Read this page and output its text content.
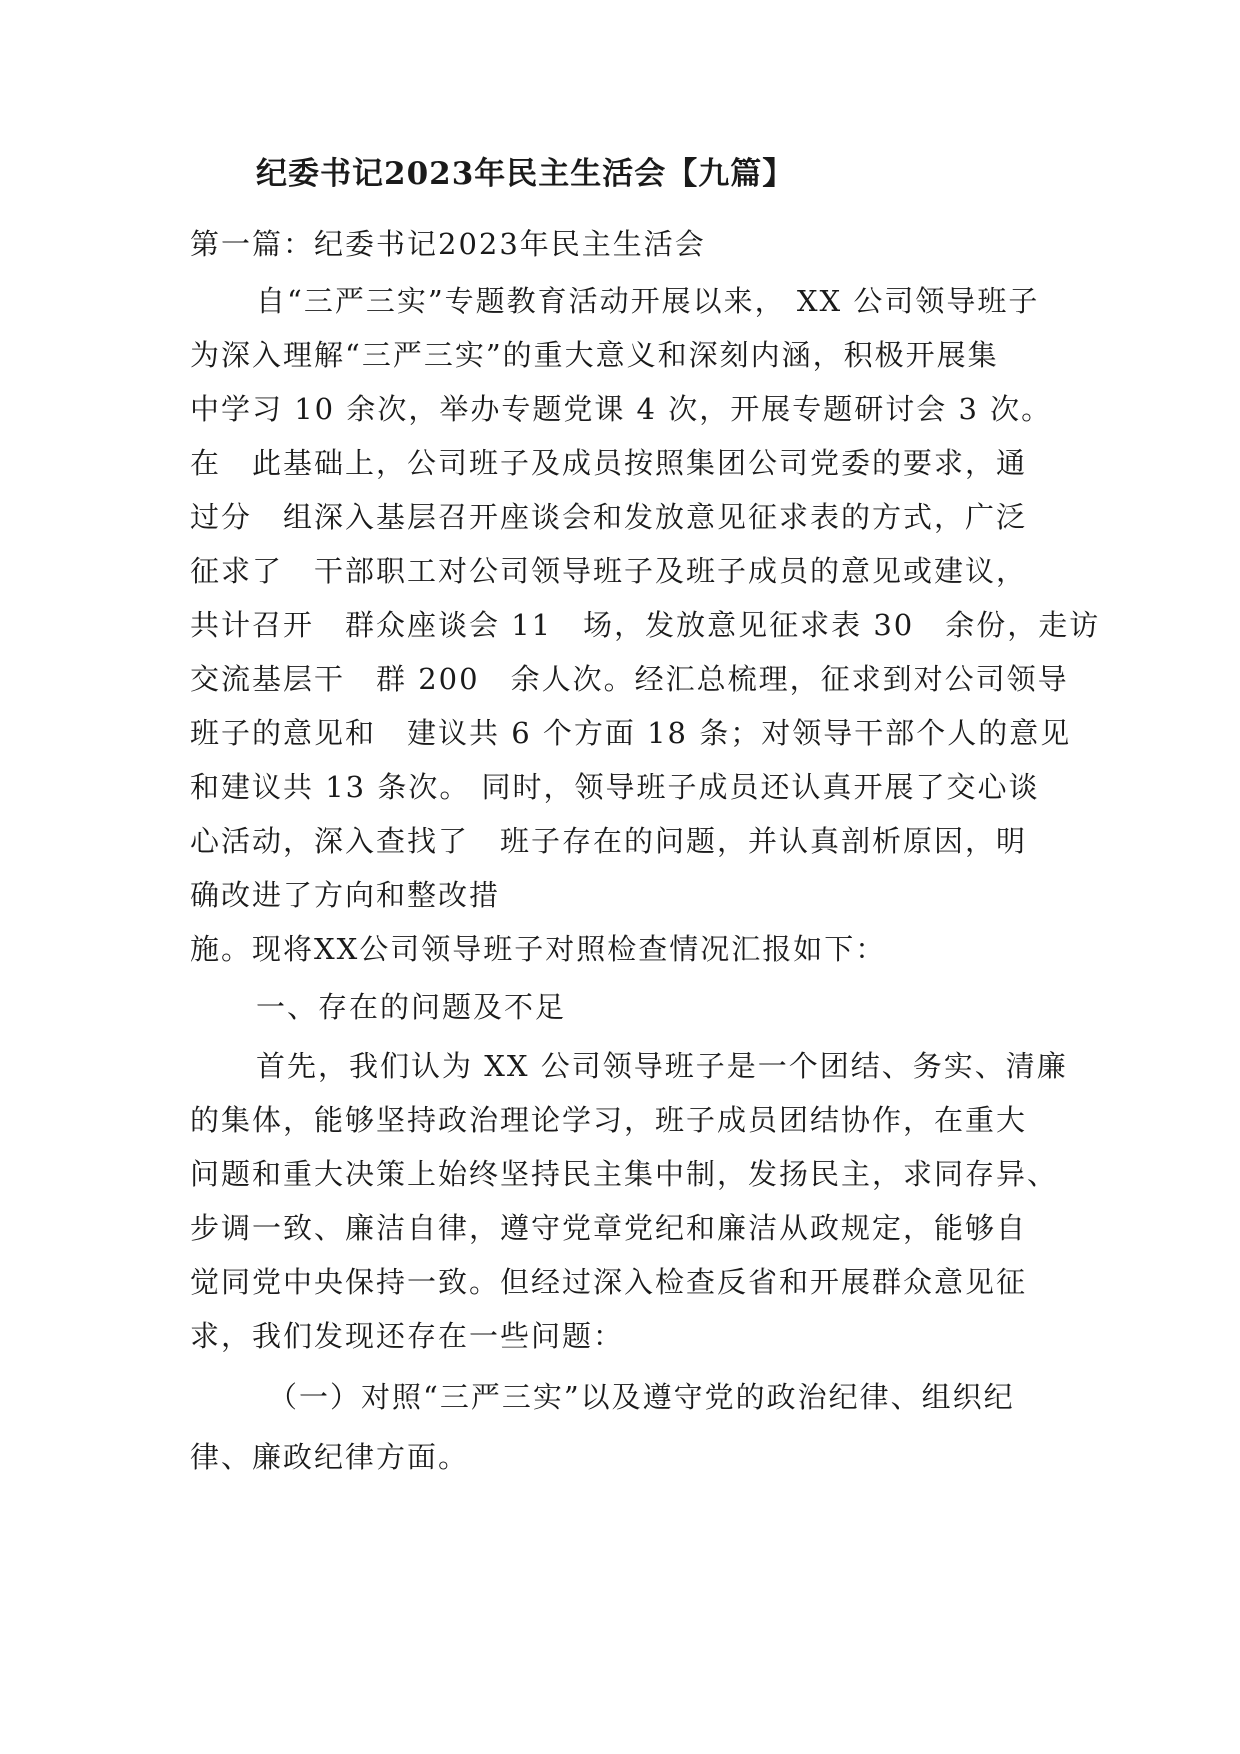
纪委书记2023年民主生活会【九篇】

第一篇：纪委书记2023年民主生活会

自“三严三实”专题教育活动开展以来， XX 公司领导班子

为深入理解“三严三实”的重大意义和深刻内涵，积极开展集

中学习 10 余次，举办专题党课 4 次，开展专题研讨会 3 次。

在　此基础上，公司班子及成员按照集团公司党委的要求，通

过分　组深入基层召开座谈会和发放意见征求表的方式，广泛

征求了　干部职工对公司领导班子及班子成员的意见或建议，

共计召开　群众座谈会 11　场，发放意见征求表 30　余份，走访

交流基层干　群 200　余人次。经汇总梳理，征求到对公司领导

班子的意见和　建议共 6 个方面 18 条；对领导干部个人的意见

和建议共 13 条次。 同时，领导班子成员还认真开展了交心谈

心活动，深入查找了　班子存在的问题，并认真剖析原因，明

确改进了方向和整改措

施。现将XX公司领导班子对照检查情况汇报如下：

一、存在的问题及不足

首先，我们认为 XX 公司领导班子是一个团结、务实、清廉

的集体，能够坚持政治理论学习，班子成员团结协作，在重大

问题和重大决策上始终坚持民主集中制，发扬民主，求同存异、

步调一致、廉洁自律，遵守党章党纪和廉洁从政规定，能够自

觉同党中央保持一致。但经过深入检查反省和开展群众意见征

求，我们发现还存在一些问题：

（一）对照“三严三实”以及遵守党的政治纪律、组织纪

律、廉政纪律方面。
